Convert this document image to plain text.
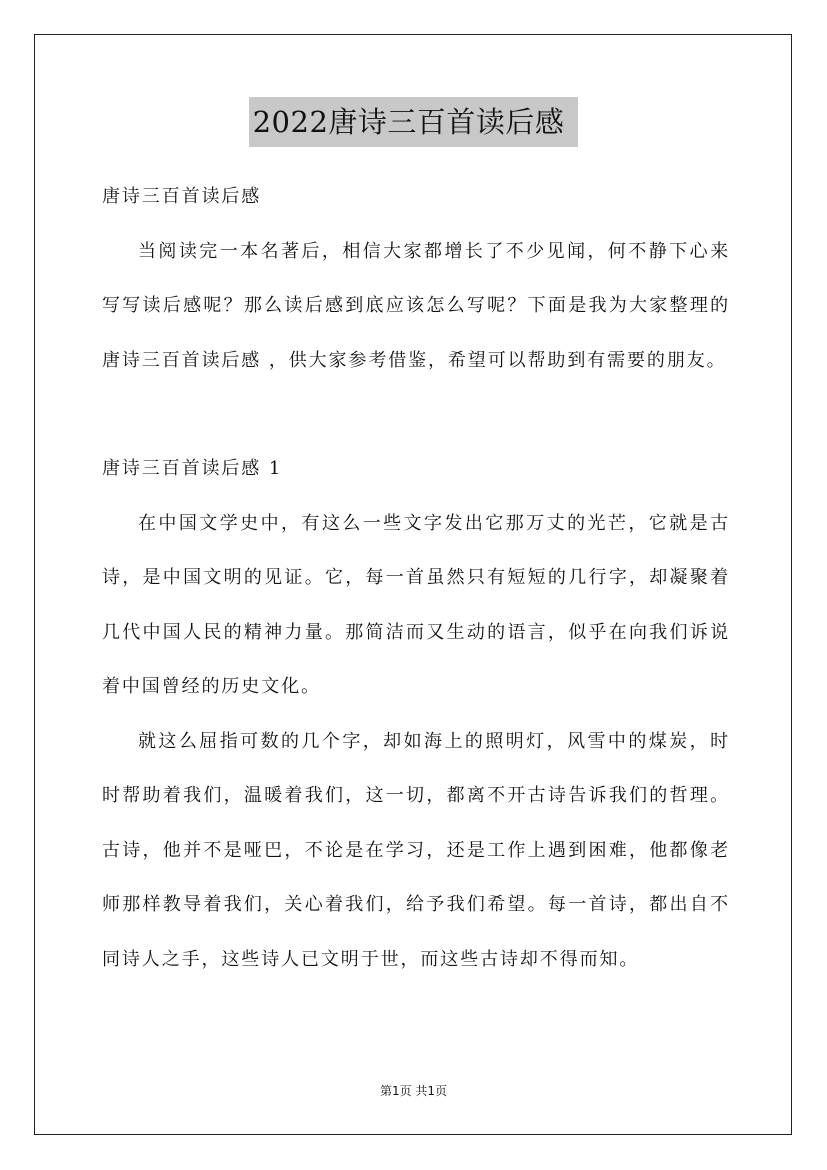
2022唐诗三百首读后感

唐诗三百首读后感

当阅读完一本名著后，相信大家都增长了不少见闻，何不静下心来写写读后感呢？那么读后感到底应该怎么写呢？下面是我为大家整理的唐诗三百首读后感 ，供大家参考借鉴，希望可以帮助到有需要的朋友。

唐诗三百首读后感 1

在中国文学史中，有这么一些文字发出它那万丈的光芒，它就是古诗，是中国文明的见证。它，每一首虽然只有短短的几行字，却凝聚着几代中国人民的精神力量。那简洁而又生动的语言，似乎在向我们诉说着中国曾经的历史文化。

就这么屈指可数的几个字，却如海上的照明灯，风雪中的煤炭，时时帮助着我们，温暖着我们，这一切，都离不开古诗告诉我们的哲理。古诗，他并不是哑巴，不论是在学习，还是工作上遇到困难，他都像老师那样教导着我们，关心着我们，给予我们希望。每一首诗，都出自不同诗人之手，这些诗人已文明于世，而这些古诗却不得而知。

第1页 共1页
